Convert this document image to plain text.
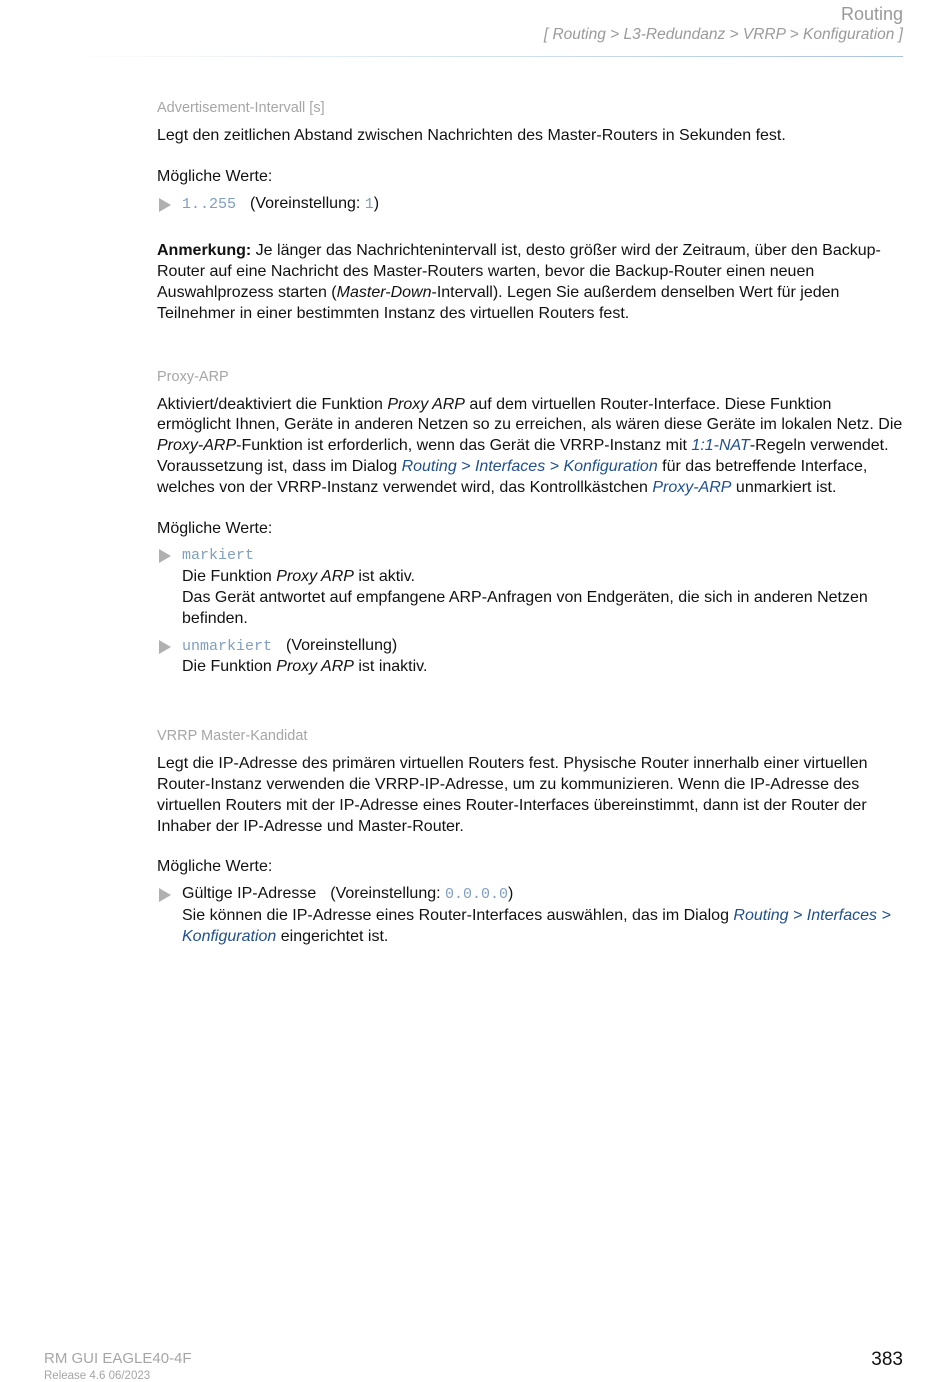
Routing
[ Routing > L3-Redundanz > VRRP > Konfiguration ]
Advertisement-Intervall [s]

Legt den zeitlichen Abstand zwischen Nachrichten des Master-Routers in Sekunden fest.

Mögliche Werte:

1..255 (Voreinstellung: 1)

Anmerkung: Je länger das Nachrichtenintervall ist, desto größer wird der Zeitraum, über den Backup-Router auf eine Nachricht des Master-Routers warten, bevor die Backup-Router einen neuen Auswahlprozess starten (Master-Down-Intervall). Legen Sie außerdem denselben Wert für jeden Teilnehmer in einer bestimmten Instanz des virtuellen Routers fest.

Proxy-ARP

Aktiviert/deaktiviert die Funktion Proxy ARP auf dem virtuellen Router-Interface. Diese Funktion ermöglicht Ihnen, Geräte in anderen Netzen so zu erreichen, als wären diese Geräte im lokalen Netz. Die Proxy-ARP-Funktion ist erforderlich, wenn das Gerät die VRRP-Instanz mit 1:1-NAT-Regeln verwendet. Voraussetzung ist, dass im Dialog Routing > Interfaces > Konfiguration für das betreffende Interface, welches von der VRRP-Instanz verwendet wird, das Kontrollkästchen Proxy-ARP unmarkiert ist.

Mögliche Werte:

markiert
Die Funktion Proxy ARP ist aktiv.
Das Gerät antwortet auf empfangene ARP-Anfragen von Endgeräten, die sich in anderen Netzen befinden.
unmarkiert (Voreinstellung)
Die Funktion Proxy ARP ist inaktiv.
VRRP Master-Kandidat

Legt die IP-Adresse des primären virtuellen Routers fest. Physische Router innerhalb einer virtuellen Router-Instanz verwenden die VRRP-IP-Adresse, um zu kommunizieren. Wenn die IP-Adresse des virtuellen Routers mit der IP-Adresse eines Router-Interfaces übereinstimmt, dann ist der Router der Inhaber der IP-Adresse und Master-Router.

Mögliche Werte:

Gültige IP-Adresse (Voreinstellung: 0.0.0.0)
Sie können die IP-Adresse eines Router-Interfaces auswählen, das im Dialog Routing > Interfaces > Konfiguration eingerichtet ist.
RM GUI EAGLE40-4F
Release 4.6 06/2023
383
